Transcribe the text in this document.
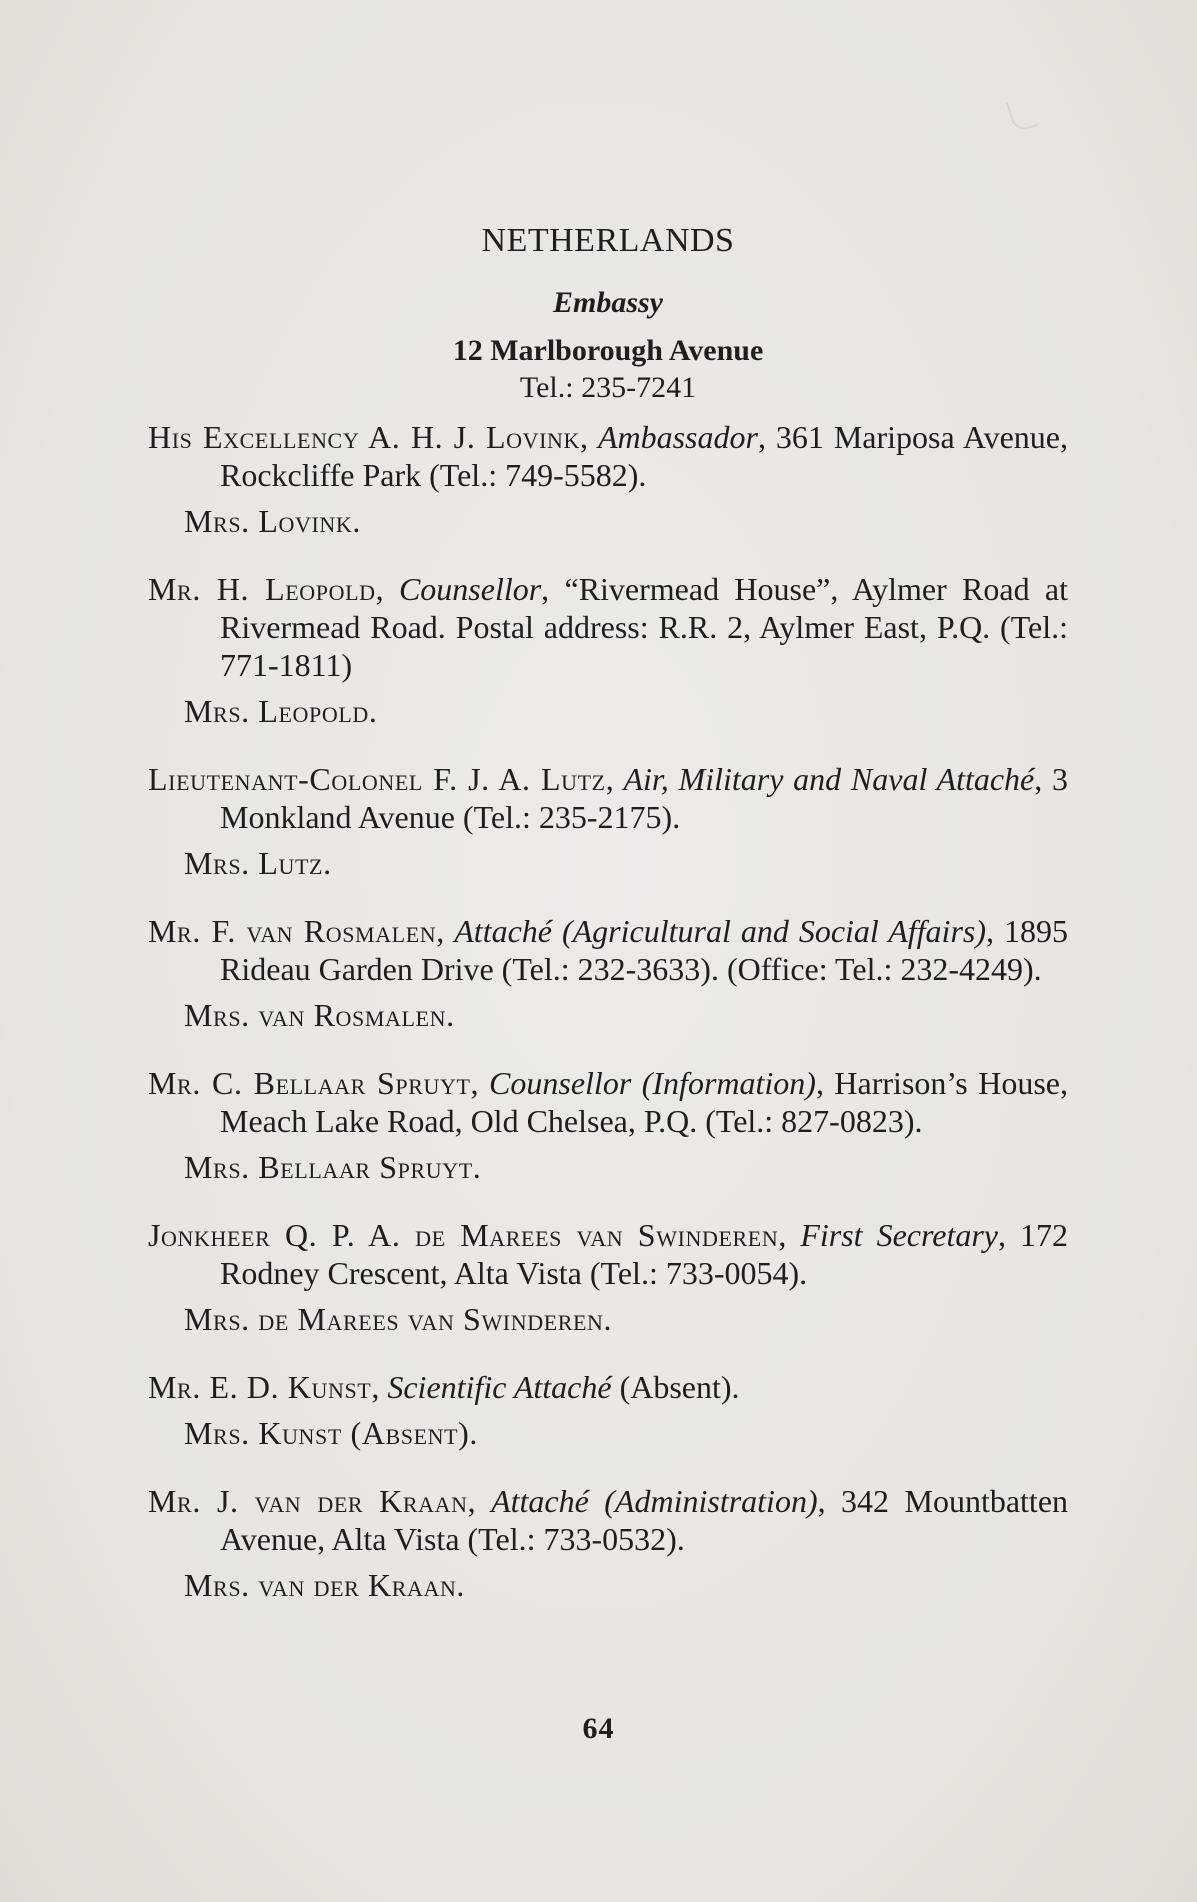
NETHERLANDS
Embassy

12 Marlborough Avenue

Tel.: 235-7241

His Excellency A. H. J. Lovink, Ambassador, 361 Mariposa Avenue, Rockcliffe Park (Tel.: 749-5582).

Mrs. Lovink.

Mr. H. Leopold, Counsellor, “Rivermead House”, Aylmer Road at Rivermead Road. Postal address: R.R. 2, Aylmer East, P.Q. (Tel.: 771-1811)

Mrs. Leopold.

Lieutenant-Colonel F. J. A. Lutz, Air, Military and Naval Attaché, 3 Monkland Avenue (Tel.: 235-2175).

Mrs. Lutz.

Mr. F. van Rosmalen, Attaché (Agricultural and Social Affairs), 1895 Rideau Garden Drive (Tel.: 232-3633). (Office: Tel.: 232-4249).

Mrs. van Rosmalen.

Mr. C. Bellaar Spruyt, Counsellor (Information), Harrison’s House, Meach Lake Road, Old Chelsea, P.Q. (Tel.: 827-0823).

Mrs. Bellaar Spruyt.

Jonkheer Q. P. A. de Marees van Swinderen, First Secretary, 172 Rodney Crescent, Alta Vista (Tel.: 733-0054).

Mrs. de Marees van Swinderen.

Mr. E. D. Kunst, Scientific Attaché (Absent).

Mrs. Kunst (Absent).

Mr. J. van der Kraan, Attaché (Administration), 342 Mountbatten Avenue, Alta Vista (Tel.: 733-0532).

Mrs. van der Kraan.

64
